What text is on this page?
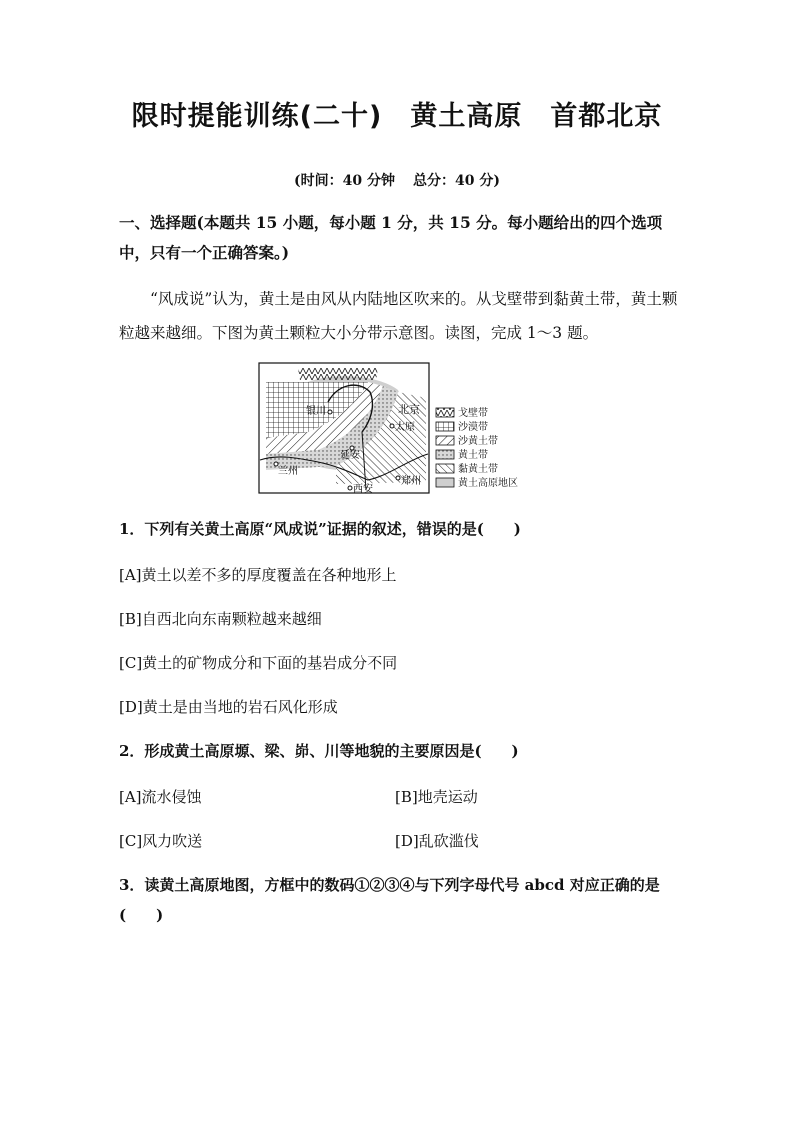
限时提能训练(二十) 黄土高原 首都北京
(时间：40 分钟 总分：40 分)
一、选择题(本题共 15 小题，每小题 1 分，共 15 分。每小题给出的四个选项中，只有一个正确答案。)
“风成说”认为，黄土是由风从内陆地区吹来的。从戈壁带到黏黄土带，黄土颗粒越来越细。下图为黄土颗粒大小分带示意图。读图，完成 1～3 题。
银川	北京
太原
延安
兰州
西安
郑州
戈壁带
沙漠带
沙黄土带
黄土带
黏黄土带
黄土高原地区
1．下列有关黄土高原“风成说”证据的叙述，错误的是(　　)
[A]黄土以差不多的厚度覆盖在各种地形上
[B]自西北向东南颗粒越来越细
[C]黄土的矿物成分和下面的基岩成分不同
[D]黄土是由当地的岩石风化形成
2．形成黄土高原塬、梁、峁、川等地貌的主要原因是(　　)
[A]流水侵蚀	[B]地壳运动
[C]风力吹送	[D]乱砍滥伐
3．读黄土高原地图，方框中的数码①②③④与下列字母代号 abcd 对应正确的是(　　)
